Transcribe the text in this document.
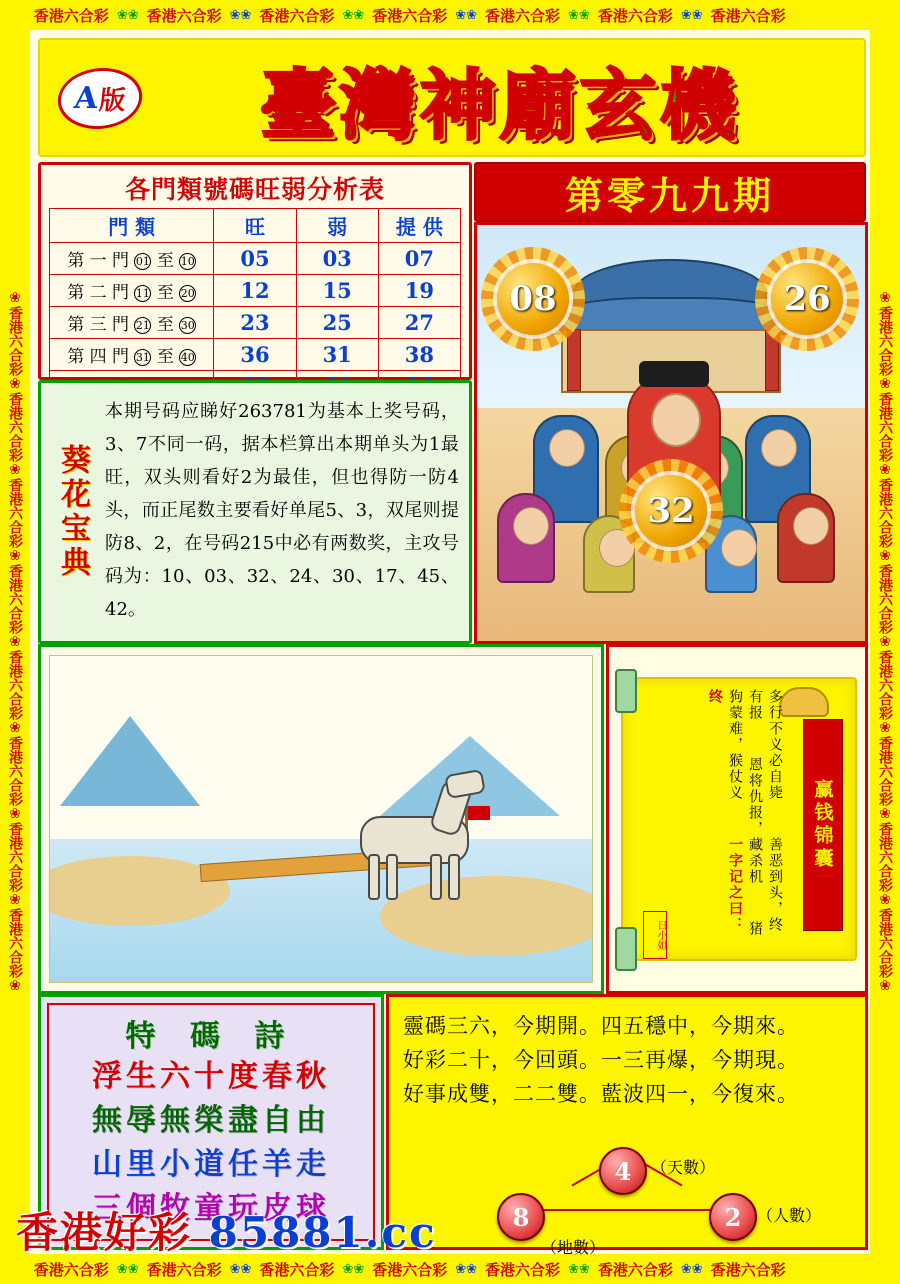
香港六合彩 ❀❀ 香港六合彩 ❀❀ 香港六合彩 ❀❀ 香港六合彩 ❀❀ 香港六合彩 ❀❀ 香港六合彩 ❀❀ 香港六合彩
香港六合彩 ❀❀ 香港六合彩 ❀❀ 香港六合彩 ❀❀ 香港六合彩 ❀❀ 香港六合彩 ❀❀ 香港六合彩 ❀❀ 香港六合彩
❀香港六合彩❀香港六合彩❀香港六合彩❀香港六合彩❀香港六合彩❀香港六合彩❀香港六合彩❀香港六合彩❀	❀香港六合彩❀香港六合彩❀香港六合彩❀香港六合彩❀香港六合彩❀香港六合彩❀香港六合彩❀香港六合彩❀
A
版	臺灣神廟玄機
各門類號碼旺弱分析表
門 類	旺	弱	提 供
第 一 門 01 至 10	05	03	07
第 二 門 11 至 20	12	15	19
第 三 門 21 至 30	23	25	27
第 四 門 31 至 40	36	31	38

葵花宝典
本期号码应睇好263781为基本上奖号码，3、7不同一码，据本栏算出本期单头为1最旺，双头则看好2为最佳，但也得防一防4头，而正尾数主要看好单尾5、3，双尾则提防8、2，在号码215中必有两数奖，主攻号码为：10、03、32、24、30、17、45、42。
第零九九期
08	26
32
多行不义必自毙  善恶到头，终有报  恩将仇报，藏杀机  猪狗蒙难，猴仗义  一字记之曰：终
日小姐
赢钱锦囊
特 碼 詩
浮生六十度春秋
無辱無榮盡自由
山里小道任羊走
三個牧童玩皮球
靈碼三六，今期開。四五穩中，今期來。
好彩二十，今回頭。一三再爆，今期現。
好事成雙，二二雙。藍波四一，今復來。
4	（天數）
8
（地數）
2 （人數）
香港好彩 85881.cc
